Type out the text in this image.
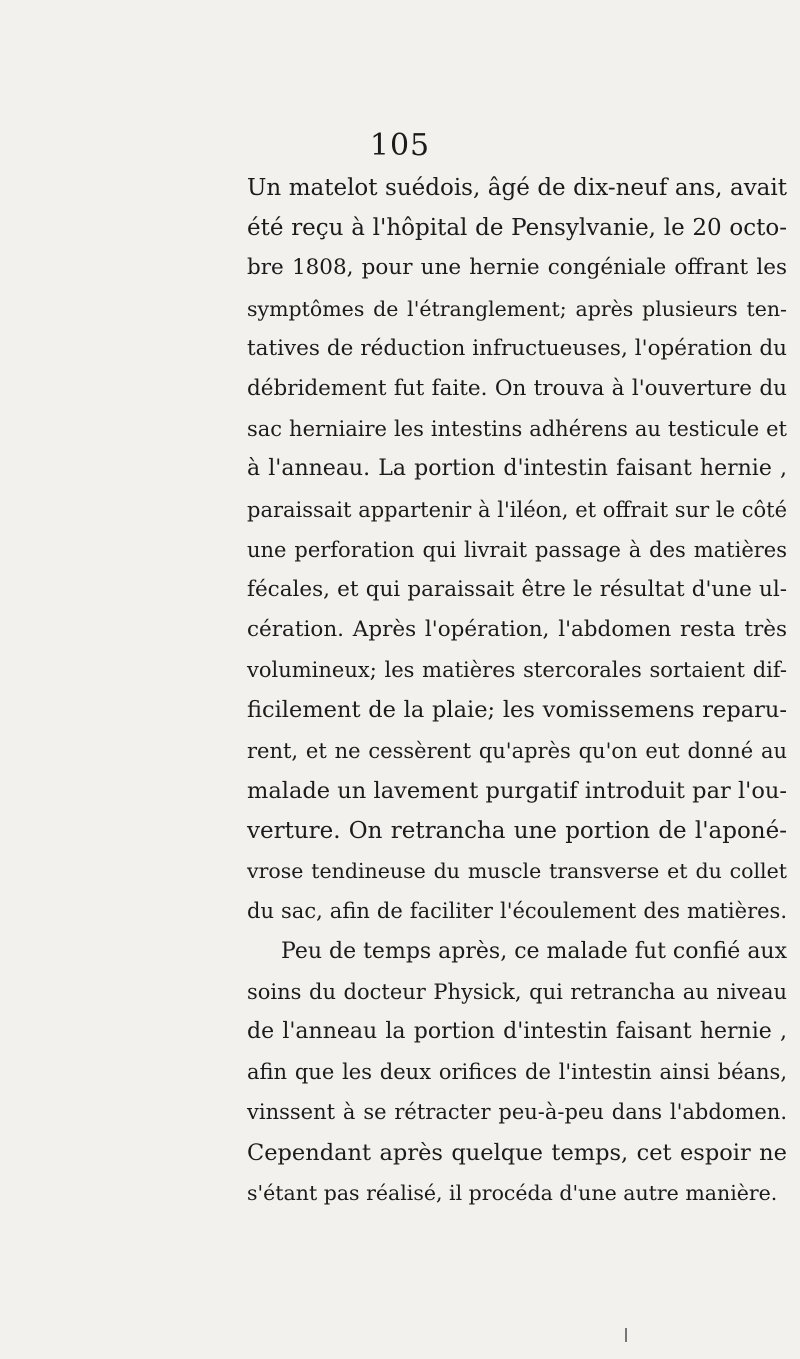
105
Un matelot suédois, âgé de dix-neuf ans, avait
été reçu à l'hôpital de Pensylvanie, le 20 octo-
bre 1808, pour une hernie congéniale offrant les
symptômes de l'étranglement; après plusieurs ten-
tatives de réduction infructueuses, l'opération du
débridement fut faite. On trouva à l'ouverture du
sac herniaire les intestins adhérens au testicule et
à l'anneau. La portion d'intestin faisant hernie ,
paraissait appartenir à l'iléon, et offrait sur le côté
une perforation qui livrait passage à des matières
fécales, et qui paraissait être le résultat d'une ul-
cération. Après l'opération, l'abdomen resta très
volumineux; les matières stercorales sortaient dif-
ficilement de la plaie; les vomissemens reparu-
rent, et ne cessèrent qu'après qu'on eut donné au
malade un lavement purgatif introduit par l'ou-
verture. On retrancha une portion de l'aponé-
vrose tendineuse du muscle transverse et du collet
du sac, afin de faciliter l'écoulement des matières.
Peu de temps après, ce malade fut confié aux
soins du docteur Physick, qui retrancha au niveau
de l'anneau la portion d'intestin faisant hernie ,
afin que les deux orifices de l'intestin ainsi béans,
vinssent à se rétracter peu-à-peu dans l'abdomen.
Cependant après quelque temps, cet espoir ne
s'étant pas réalisé, il procéda d'une autre manière.
